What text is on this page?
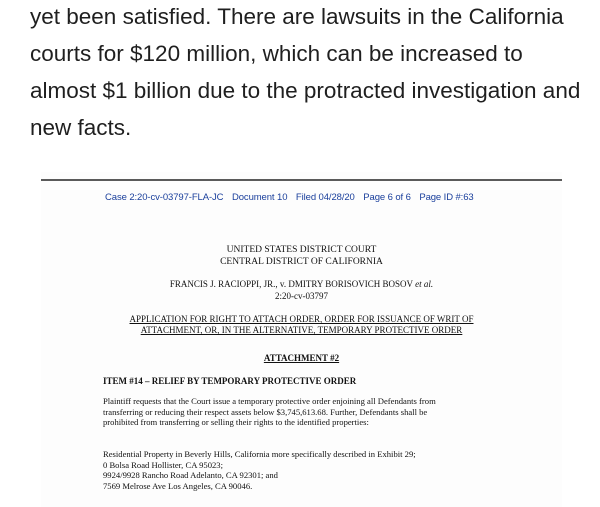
yet been satisfied. There are lawsuits in the California
courts for $120 million, which can be increased to
almost $1 billion due to the protracted investigation and
new facts.
Case 2:20-cv-03797-FLA-JC Document 10 Filed 04/28/20 Page 6 of 6 Page ID #:63
UNITED STATES DISTRICT COURT
CENTRAL DISTRICT OF CALIFORNIA
FRANCIS J. RACIOPPI, JR., v. DMITRY BORISOVICH BOSOV et al.
2:20-cv-03797
APPLICATION FOR RIGHT TO ATTACH ORDER, ORDER FOR ISSUANCE OF WRIT OF
ATTACHMENT, OR, IN THE ALTERNATIVE, TEMPORARY PROTECTIVE ORDER
ATTACHMENT #2
ITEM #14 – RELIEF BY TEMPORARY PROTECTIVE ORDER
Plaintiff requests that the Court issue a temporary protective order enjoining all Defendants from
transferring or reducing their respect assets below $3,745,613.68. Further, Defendants shall be
prohibited from transferring or selling their rights to the identified properties:
Residential Property in Beverly Hills, California more specifically described in Exhibit 29;
0 Bolsa Road Hollister, CA 95023;
9924/9928 Rancho Road Adelanto, CA 92301; and
7569 Melrose Ave Los Angeles, CA 90046.
